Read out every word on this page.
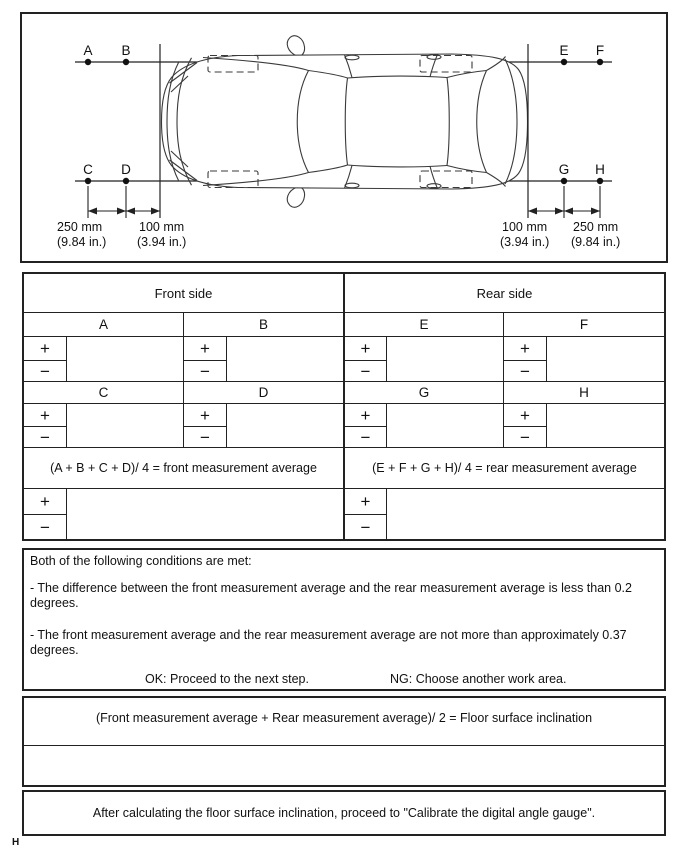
A B	E F
C D	G H
250 mm
(9.84 in.)
100 mm
(3.94 in.)
100 mm
(3.94 in.)
250 mm
(9.84 in.)
Front side	Rear side
A	B	E	F
+	+	+	+
−	−	−	−
C	D	G	H
+	+	+	+
−	−	−	−
(A + B + C + D)/ 4 = front measurement average	(E + F + G + H)/ 4 = rear measurement average
+	+
−	−
Both of the following conditions are met:
- The difference between the front measurement average and the rear measurement average is less than 0.2 degrees.
- The front measurement average and the rear measurement average are not more than approximately 0.37 degrees.
OK: Proceed to the next step.	NG: Choose another work area.
(Front measurement average + Rear measurement average)/ 2 = Floor surface inclination
After calculating the floor surface inclination, proceed to "Calibrate the digital angle gauge".
H
